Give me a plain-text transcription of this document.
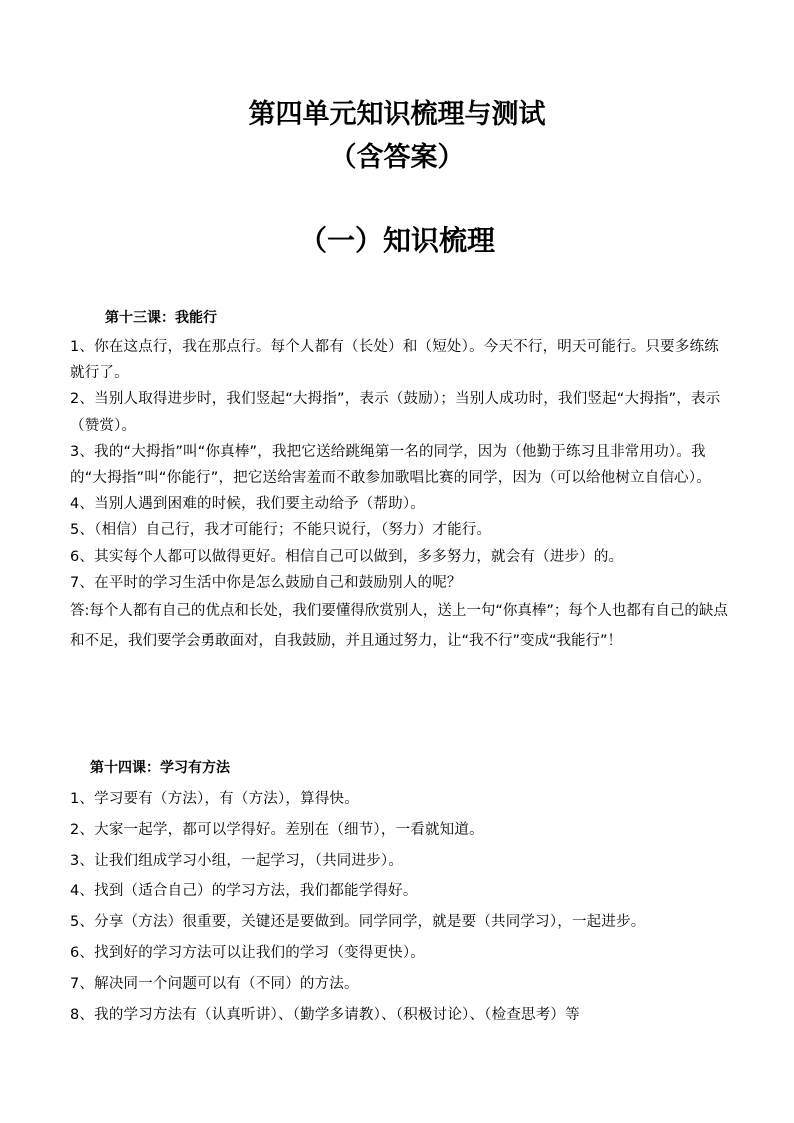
第四单元知识梳理与测试
（含答案）
（一）知识梳理
第十三课：我能行
1、你在这点行，我在那点行。每个人都有（长处）和（短处）。今天不行，明天可能行。只要多练练就行了。
2、当别人取得进步时，我们竖起“大拇指”，表示（鼓励）；当别人成功时，我们竖起“大拇指”，表示（赞赏）。
3、我的“大拇指”叫“你真棒”，我把它送给跳绳第一名的同学，因为（他勤于练习且非常用功）。我的“大拇指”叫“你能行”，把它送给害羞而不敢参加歌唱比赛的同学，因为（可以给他树立自信心）。
4、当别人遇到困难的时候，我们要主动给予（帮助）。
5、（相信）自己行，我才可能行；不能只说行，（努力）才能行。
6、其实每个人都可以做得更好。相信自己可以做到，多多努力，就会有（进步）的。
7、在平时的学习生活中你是怎么鼓励自己和鼓励别人的呢？

答:每个人都有自己的优点和长处，我们要懂得欣赏别人，送上一句“你真棒”；每个人也都有自己的缺点和不足，我们要学会勇敢面对，自我鼓励，并且通过努力，让“我不行”变成“我能行”！

第十四课：学习有方法
1、学习要有（方法），有（方法），算得快。
2、大家一起学，都可以学得好。差别在（细节），一看就知道。
3、让我们组成学习小组，一起学习，（共同进步）。
4、找到（适合自己）的学习方法，我们都能学得好。
5、分享（方法）很重要，关键还是要做到。同学同学，就是要（共同学习），一起进步。
6、找到好的学习方法可以让我们的学习（变得更快）。
7、解决同一个问题可以有（不同）的方法。
8、我的学习方法有（认真听讲）、（勤学多请教）、（积极讨论）、（检查思考）等
